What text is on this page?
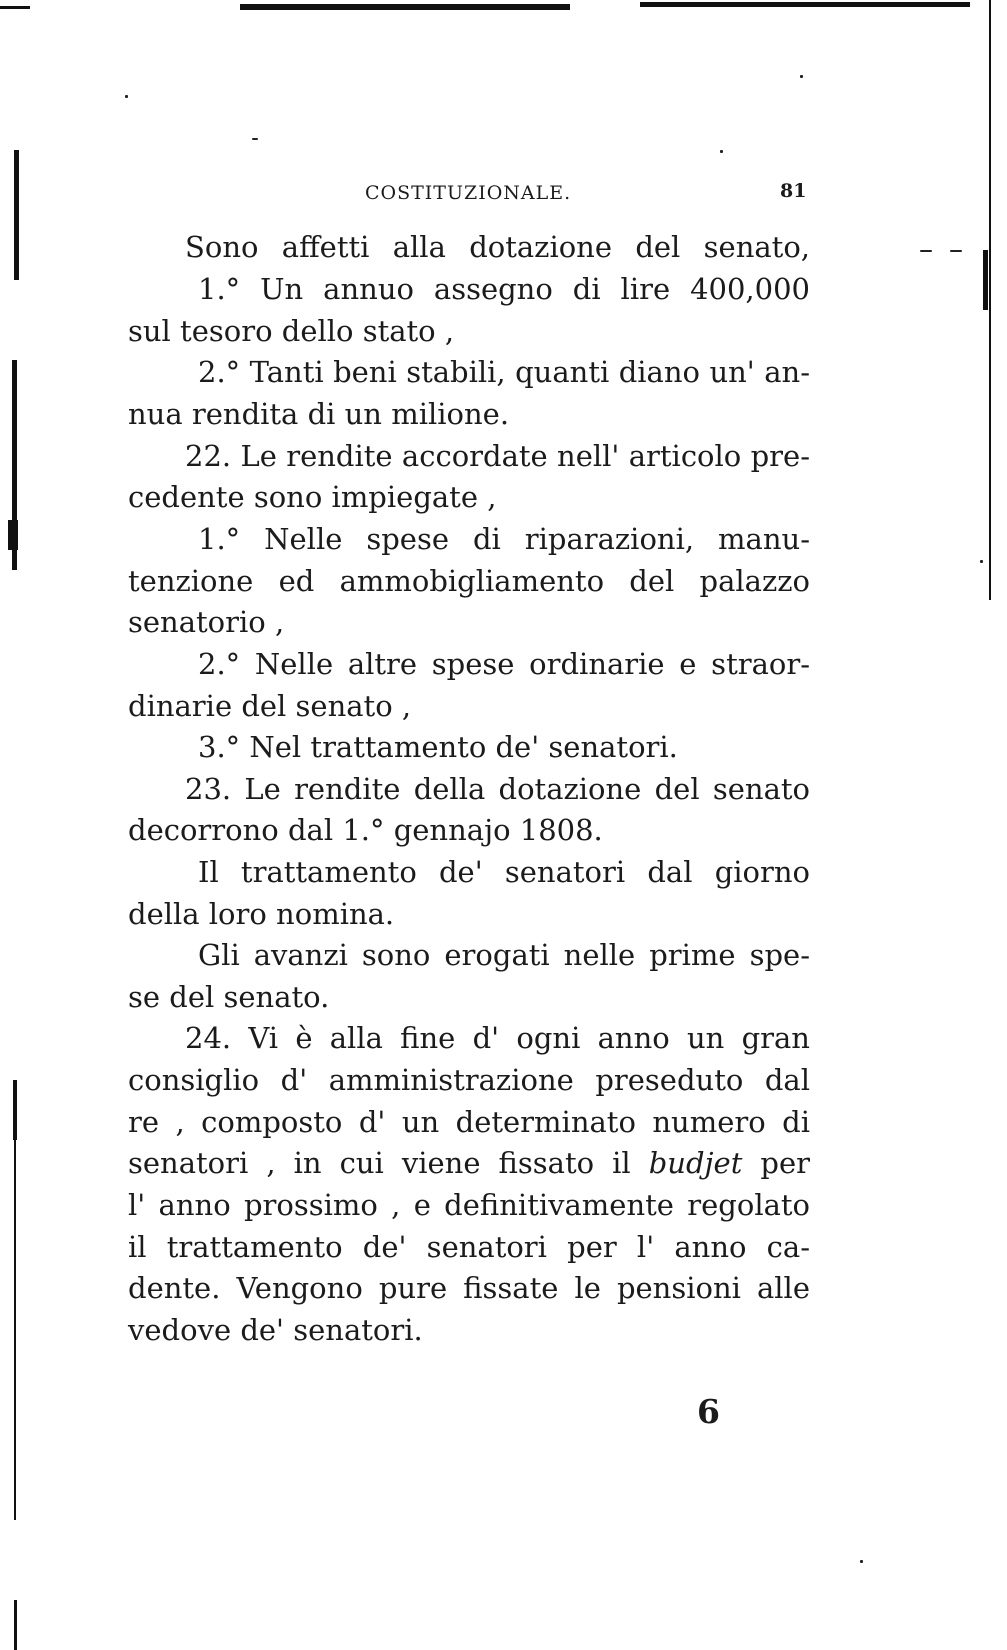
COSTITUZIONALE.	81
Sono affetti alla dotazione del senato,
1.° Un annuo assegno di lire 400,000
sul tesoro dello stato ,
2.° Tanti beni stabili, quanti diano un' an-
nua rendita di un milione.
22. Le rendite accordate nell' articolo pre-
cedente sono impiegate ,
1.° Nelle spese di riparazioni, manu-
tenzione ed ammobigliamento del palazzo
senatorio ,
2.° Nelle altre spese ordinarie e straor-
dinarie del senato ,
3.° Nel trattamento de' senatori.
23. Le rendite della dotazione del senato
decorrono dal 1.° gennajo 1808.
Il trattamento de' senatori dal giorno
della loro nomina.
Gli avanzi sono erogati nelle prime spe-
se del senato.
24. Vi è alla fine d' ogni anno un gran
consiglio d' amministrazione preseduto dal
re , composto d' un determinato numero di
senatori , in cui viene fissato il budjet per
l' anno prossimo , e definitivamente regolato
il trattamento de' senatori per l' anno ca-
dente. Vengono pure fissate le pensioni alle
vedove de' senatori.
6
